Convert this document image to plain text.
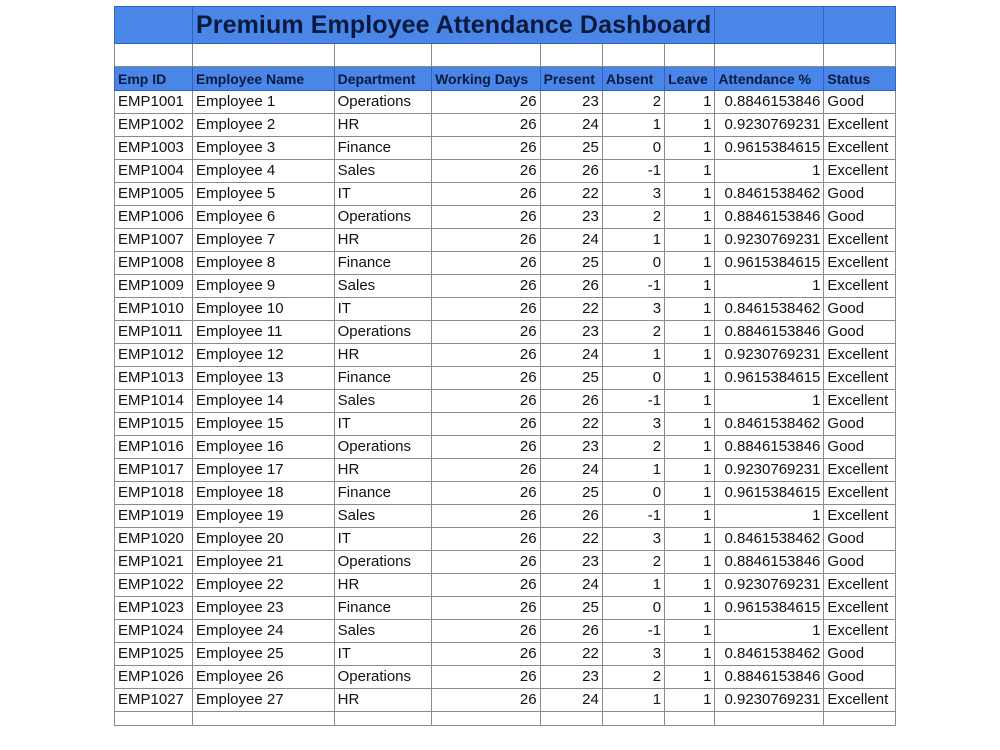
	Premium Employee Attendance Dashboard							

Emp ID	Employee Name	Department	Working Days	Present	Absent	Leave	Attendance %	Status
EMP1001	Employee 1	Operations	26	23	2	1	0.8846153846	Good
EMP1002	Employee 2	HR	26	24	1	1	0.9230769231	Excellent
EMP1003	Employee 3	Finance	26	25	0	1	0.9615384615	Excellent
EMP1004	Employee 4	Sales	26	26	-1	1	1	Excellent
EMP1005	Employee 5	IT	26	22	3	1	0.8461538462	Good
EMP1006	Employee 6	Operations	26	23	2	1	0.8846153846	Good
EMP1007	Employee 7	HR	26	24	1	1	0.9230769231	Excellent
EMP1008	Employee 8	Finance	26	25	0	1	0.9615384615	Excellent
EMP1009	Employee 9	Sales	26	26	-1	1	1	Excellent
EMP1010	Employee 10	IT	26	22	3	1	0.8461538462	Good
EMP1011	Employee 11	Operations	26	23	2	1	0.8846153846	Good
EMP1012	Employee 12	HR	26	24	1	1	0.9230769231	Excellent
EMP1013	Employee 13	Finance	26	25	0	1	0.9615384615	Excellent
EMP1014	Employee 14	Sales	26	26	-1	1	1	Excellent
EMP1015	Employee 15	IT	26	22	3	1	0.8461538462	Good
EMP1016	Employee 16	Operations	26	23	2	1	0.8846153846	Good
EMP1017	Employee 17	HR	26	24	1	1	0.9230769231	Excellent
EMP1018	Employee 18	Finance	26	25	0	1	0.9615384615	Excellent
EMP1019	Employee 19	Sales	26	26	-1	1	1	Excellent
EMP1020	Employee 20	IT	26	22	3	1	0.8461538462	Good
EMP1021	Employee 21	Operations	26	23	2	1	0.8846153846	Good
EMP1022	Employee 22	HR	26	24	1	1	0.9230769231	Excellent
EMP1023	Employee 23	Finance	26	25	0	1	0.9615384615	Excellent
EMP1024	Employee 24	Sales	26	26	-1	1	1	Excellent
EMP1025	Employee 25	IT	26	22	3	1	0.8461538462	Good
EMP1026	Employee 26	Operations	26	23	2	1	0.8846153846	Good
EMP1027	Employee 27	HR	26	24	1	1	0.9230769231	Excellent
